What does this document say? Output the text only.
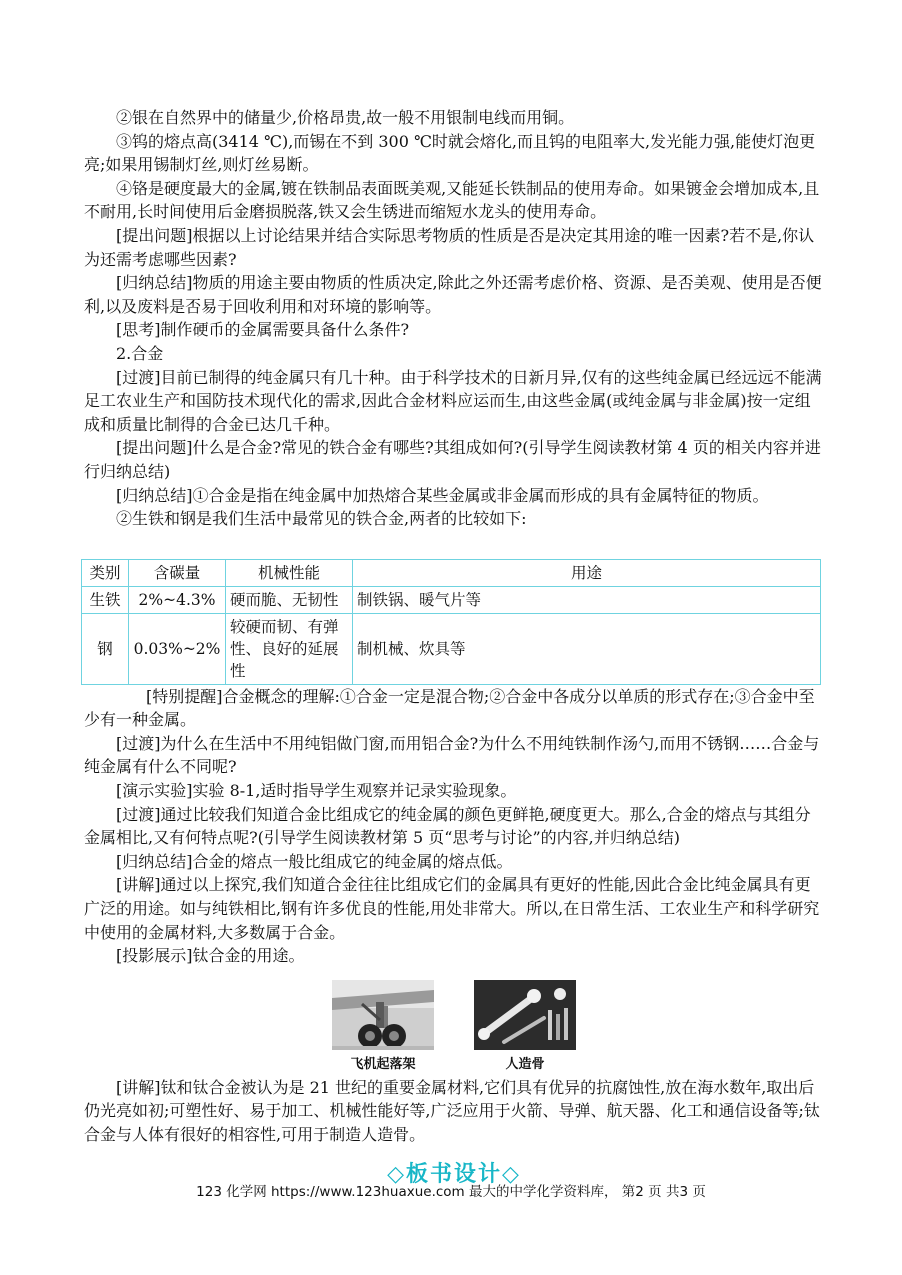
②银在自然界中的储量少,价格昂贵,故一般不用银制电线而用铜。

③钨的熔点高(3414 ℃),而锡在不到 300 ℃时就会熔化,而且钨的电阻率大,发光能力强,能使灯泡更亮;如果用锡制灯丝,则灯丝易断。

④铬是硬度最大的金属,镀在铁制品表面既美观,又能延长铁制品的使用寿命。如果镀金会增加成本,且不耐用,长时间使用后金磨损脱落,铁又会生锈进而缩短水龙头的使用寿命。

[提出问题]根据以上讨论结果并结合实际思考物质的性质是否是决定其用途的唯一因素?若不是,你认为还需考虑哪些因素?

[归纳总结]物质的用途主要由物质的性质决定,除此之外还需考虑价格、资源、是否美观、使用是否便利,以及废料是否易于回收利用和对环境的影响等。

[思考]制作硬币的金属需要具备什么条件?

2.合金

[过渡]目前已制得的纯金属只有几十种。由于科学技术的日新月异,仅有的这些纯金属已经远远不能满足工农业生产和国防技术现代化的需求,因此合金材料应运而生,由这些金属(或纯金属与非金属)按一定组成和质量比制得的合金已达几千种。

[提出问题]什么是合金?常见的铁合金有哪些?其组成如何?(引导学生阅读教材第 4 页的相关内容并进行归纳总结)

[归纳总结]①合金是指在纯金属中加热熔合某些金属或非金属而形成的具有金属特征的物质。

②生铁和钢是我们生活中最常见的铁合金,两者的比较如下:

类别	含碳量	机械性能	用途
生铁	2%~4.3%	硬而脆、无韧性	制铁锅、暖气片等
钢	0.03%~2%	较硬而韧、有弹性、良好的延展性	制机械、炊具等

[特别提醒]合金概念的理解:①合金一定是混合物;②合金中各成分以单质的形式存在;③合金中至少有一种金属。

[过渡]为什么在生活中不用纯铝做门窗,而用铝合金?为什么不用纯铁制作汤勺,而用不锈钢……合金与纯金属有什么不同呢?

[演示实验]实验 8-1,适时指导学生观察并记录实验现象。

[过渡]通过比较我们知道合金比组成它的纯金属的颜色更鲜艳,硬度更大。那么,合金的熔点与其组分金属相比,又有何特点呢?(引导学生阅读教材第 5 页“思考与讨论”的内容,并归纳总结)

[归纳总结]合金的熔点一般比组成它的纯金属的熔点低。

[讲解]通过以上探究,我们知道合金往往比组成它们的金属具有更好的性能,因此合金比纯金属具有更广泛的用途。如与纯铁相比,钢有许多优良的性能,用处非常大。所以,在日常生活、工农业生产和科学研究中使用的金属材料,大多数属于合金。

[投影展示]钛合金的用途。

飞机起落架	人造骨

[讲解]钛和钛合金被认为是 21 世纪的重要金属材料,它们具有优异的抗腐蚀性,放在海水数年,取出后仍光亮如初;可塑性好、易于加工、机械性能好等,广泛应用于火箭、导弹、航天器、化工和通信设备等;钛合金与人体有很好的相容性,可用于制造人造骨。

◇板书设计◇
123 化学网 https://www.123huaxue.com 最大的中学化学资料库， 第2 页 共3 页
